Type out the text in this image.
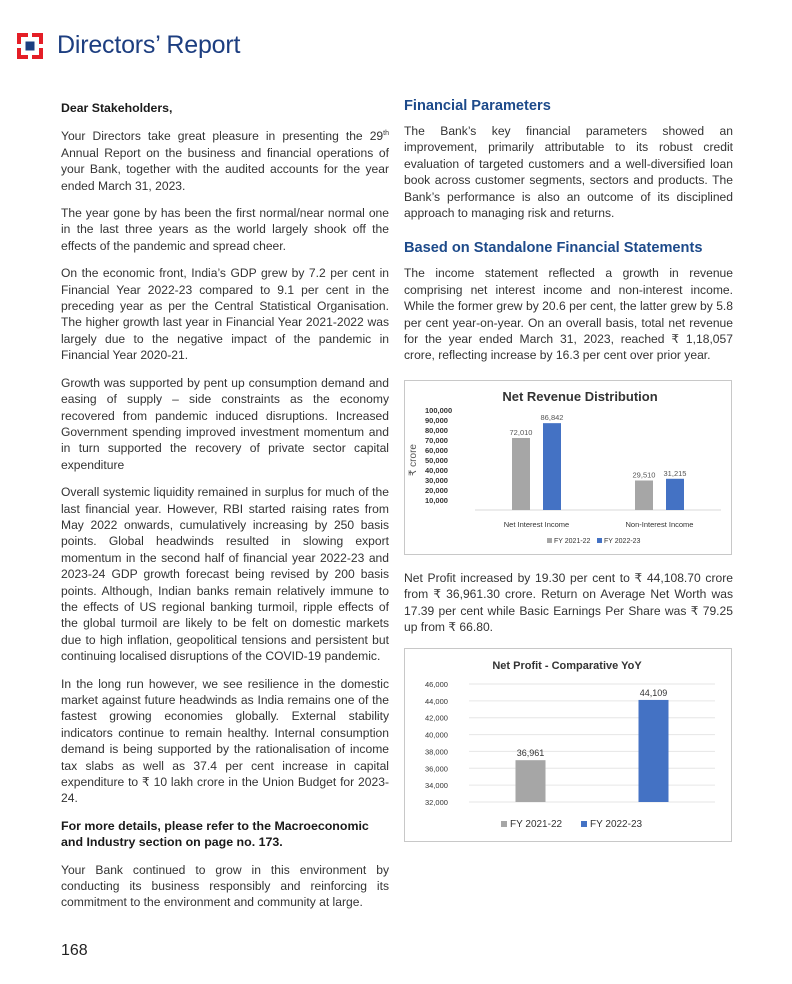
Directors’ Report

Dear Stakeholders,

Your Directors take great pleasure in presenting the 29th Annual Report on the business and financial operations of your Bank, together with the audited accounts for the year ended March 31, 2023.

The year gone by has been the first normal/near normal one in the last three years as the world largely shook off the effects of the pandemic and spread cheer.

On the economic front, India’s GDP grew by 7.2 per cent in Financial Year 2022-23 compared to 9.1 per cent in the preceding year as per the Central Statistical Organisation. The higher growth last year in Financial Year 2021-2022 was largely due to the negative impact of the pandemic in Financial Year 2020-21.

Growth was supported by pent up consumption demand and easing of supply – side constraints as the economy recovered from pandemic induced disruptions. Increased Government spending improved investment momentum and in turn supported the recovery of private sector capital expenditure

Overall systemic liquidity remained in surplus for much of the last financial year. However, RBI started raising rates from May 2022 onwards, cumulatively increasing by 250 basis points. Global headwinds resulted in slowing export momentum in the second half of financial year 2022-23 and 2023-24 GDP growth forecast being revised by 200 basis points. Although, Indian banks remain relatively immune to the effects of US regional banking turmoil, ripple effects of the global turmoil are likely to be felt on domestic markets due to high inflation, geopolitical tensions and persistent but continuing localised disruptions of the COVID-19 pandemic.

In the long run however, we see resilience in the domestic market against future headwinds as India remains one of the fastest growing economies globally. External stability indicators continue to remain healthy. Internal consumption demand is being supported by the rationalisation of income tax slabs as well as 37.4 per cent increase in capital expenditure to ₹ 10 lakh crore in the Union Budget for 2023-24.

For more details, please refer to the Macroeconomic and Industry section on page no. 173.

Your Bank continued to grow in this environment by conducting its business responsibly and reinforcing its commitment to the environment and community at large.

Financial Parameters

The Bank’s key financial parameters showed an improvement, primarily attributable to its robust credit evaluation of targeted customers and a well-diversified loan book across customer segments, sectors and products. The Bank’s performance is also an outcome of its disciplined approach to managing risk and returns.

Based on Standalone Financial Statements

The income statement reflected a growth in revenue comprising net interest income and non-interest income. While the former grew by 20.6 per cent, the latter grew by 5.8 per cent year-on-year. On an overall basis, total net revenue for the year ended March 31, 2023, reached ₹ 1,18,057 crore, reflecting increase by 16.3 per cent over prior year.

Net Revenue Distribution
100,000
90,000
80,000
70,000
60,000
50,000
40,000
30,000
20,000
10,000
₹ crore
72,010
86,842
Net Interest Income
29,510 31,215
Non-Interest Income
FY 2021-22 FY 2022-23

Net Profit increased by 19.30 per cent to ₹ 44,108.70 crore from ₹ 36,961.30 crore. Return on Average Net Worth was 17.39 per cent while Basic Earnings Per Share was ₹ 79.25 up from ₹ 66.80.

Net Profit - Comparative YoY
46,000
44,000
42,000
40,000
38,000
36,000
34,000
32,000
36,961
44,109
FY 2021-22	FY 2022-23
168
